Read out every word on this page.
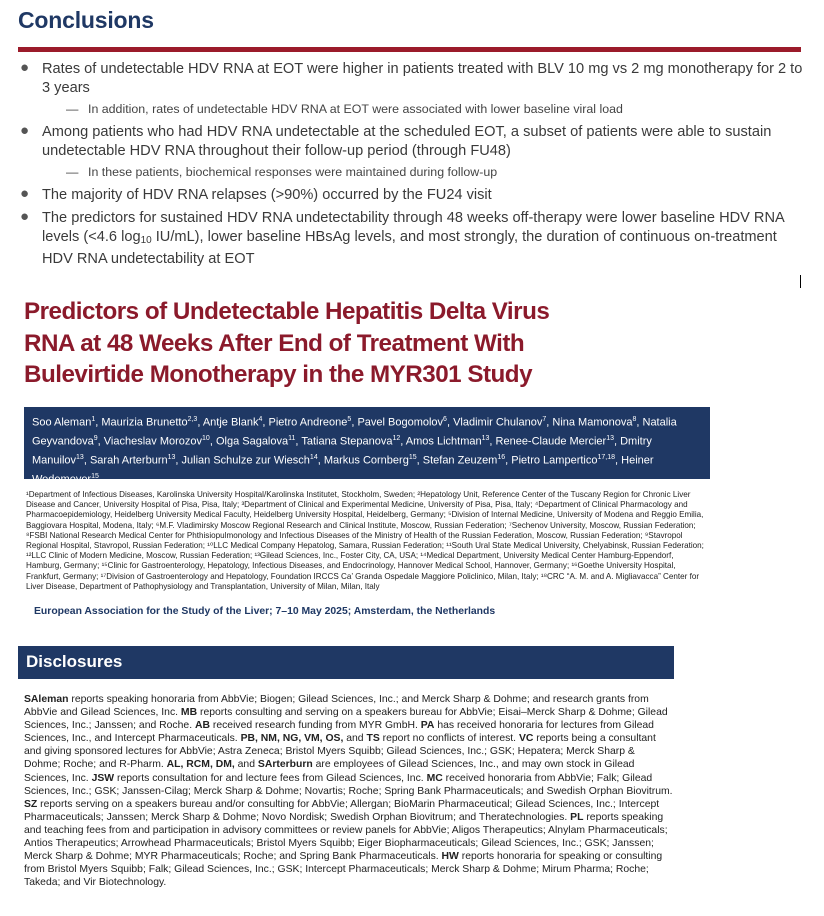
Conclusions
● Rates of undetectable HDV RNA at EOT were higher in patients treated with BLV 10 mg vs 2 mg monotherapy for 2 to 3 years
— In addition, rates of undetectable HDV RNA at EOT were associated with lower baseline viral load
● Among patients who had HDV RNA undetectable at the scheduled EOT, a subset of patients were able to sustain undetectable HDV RNA throughout their follow-up period (through FU48)
— In these patients, biochemical responses were maintained during follow-up
● The majority of HDV RNA relapses (>90%) occurred by the FU24 visit
● The predictors for sustained HDV RNA undetectability through 48 weeks off-therapy were lower baseline HDV RNA levels (<4.6 $\log_{10} IU/mL$), lower baseline HBsAg levels, and most strongly, the duration of continuous on-treatment HDV RNA undetectability at EOT
Predictors of Undetectable Hepatitis Delta Virus
RNA at 48 Weeks After End of Treatment With
Bulevirtide Monotherapy in the MYR301 Study
Soo Aleman$^1$, Maurizia Brunetto$^{2,3}$, Antje Blank$^4$, Pietro Andreone$^5$, Pavel Bogomolov$^6$, Vladimir Chulanov$^7$, Nina Mamonova$^8$, Natalia Geyvandova$^9$, Viacheslav Morozov$^{10}$, Olga Sagalova$^{11}$, Tatiana Stepanova$^{12}$, Amos Lichtman$^{13}$, Renee-Claude Mercier$^{13}$, Dmitry Manuilov$^{13}$, Sarah Arterburn$^{13}$, Julian Schulze zur Wiesch$^{14}$, Markus Cornberg$^{15}$, Stefan Zeuzem$^{16}$, Pietro Lampertico$^{17,18}$, Heiner Wedemeyer$^{15}$
¹Department of Infectious Diseases, Karolinska University Hospital/Karolinska Institutet, Stockholm, Sweden; ²Hepatology Unit, Reference Center of the Tuscany Region for Chronic Liver Disease and Cancer, University Hospital of Pisa, Pisa, Italy; ³Department of Clinical and Experimental Medicine, University of Pisa, Pisa, Italy; ⁴Department of Clinical Pharmacology and Pharmacoepidemiology, Heidelberg University Medical Faculty, Heidelberg University Hospital, Heidelberg, Germany; ⁵Division of Internal Medicine, University of Modena and Reggio Emilia, Baggiovara Hospital, Modena, Italy; ⁶M.F. Vladimirsky Moscow Regional Research and Clinical Institute, Moscow, Russian Federation; ⁷Sechenov University, Moscow, Russian Federation; ⁸FSBI National Research Medical Center for Phthisiopulmonology and Infectious Diseases of the Ministry of Health of the Russian Federation, Moscow, Russian Federation; ⁹Stavropol Regional Hospital, Stavropol, Russian Federation; ¹⁰LLC Medical Company Hepatolog, Samara, Russian Federation; ¹¹South Ural State Medical University, Chelyabinsk, Russian Federation; ¹²LLC Clinic of Modern Medicine, Moscow, Russian Federation; ¹³Gilead Sciences, Inc., Foster City, CA, USA; ¹⁴Medical Department, University Medical Center Hamburg-Eppendorf, Hamburg, Germany; ¹⁵Clinic for Gastroenterology, Hepatology, Infectious Diseases, and Endocrinology, Hannover Medical School, Hannover, Germany; ¹⁶Goethe University Hospital, Frankfurt, Germany; ¹⁷Division of Gastroenterology and Hepatology, Foundation IRCCS Ca’ Granda Ospedale Maggiore Policlinico, Milan, Italy; ¹⁸CRC “A. M. and A. Migliavacca” Center for Liver Disease, Department of Pathophysiology and Transplantation, University of Milan, Milan, Italy
European Association for the Study of the Liver; 7–10 May 2025; Amsterdam, the Netherlands
Disclosures
SAleman reports speaking honoraria from AbbVie; Biogen; Gilead Sciences, Inc.; and Merck Sharp & Dohme; and research grants from AbbVie and Gilead Sciences, Inc. MB reports consulting and serving on a speakers bureau for AbbVie; Eisai–Merck Sharp & Dohme; Gilead Sciences, Inc.; Janssen; and Roche. AB received research funding from MYR GmbH. PA has received honoraria for lectures from Gilead Sciences, Inc., and Intercept Pharmaceuticals. PB, NM, NG, VM, OS, and TS report no conflicts of interest. VC reports being a consultant and giving sponsored lectures for AbbVie; Astra Zeneca; Bristol Myers Squibb; Gilead Sciences, Inc.; GSK; Hepatera; Merck Sharp & Dohme; Roche; and R-Pharm. AL, RCM, DM, and SArterburn are employees of Gilead Sciences, Inc., and may own stock in Gilead Sciences, Inc. JSW reports consultation for and lecture fees from Gilead Sciences, Inc. MC received honoraria from AbbVie; Falk; Gilead Sciences, Inc.; GSK; Janssen-Cilag; Merck Sharp & Dohme; Novartis; Roche; Spring Bank Pharmaceuticals; and Swedish Orphan Biovitrum. SZ reports serving on a speakers bureau and/or consulting for AbbVie; Allergan; BioMarin Pharmaceutical; Gilead Sciences, Inc.; Intercept Pharmaceuticals; Janssen; Merck Sharp & Dohme; Novo Nordisk; Swedish Orphan Biovitrum; and Theratechnologies. PL reports speaking and teaching fees from and participation in advisory committees or review panels for AbbVie; Aligos Therapeutics; Alnylam Pharmaceuticals; Antios Therapeutics; Arrowhead Pharmaceuticals; Bristol Myers Squibb; Eiger Biopharmaceuticals; Gilead Sciences, Inc.; GSK; Janssen; Merck Sharp & Dohme; MYR Pharmaceuticals; Roche; and Spring Bank Pharmaceuticals. HW reports honoraria for speaking or consulting from Bristol Myers Squibb; Falk; Gilead Sciences, Inc.; GSK; Intercept Pharmaceuticals; Merck Sharp & Dohme; Mirum Pharma; Roche; Takeda; and Vir Biotechnology.
